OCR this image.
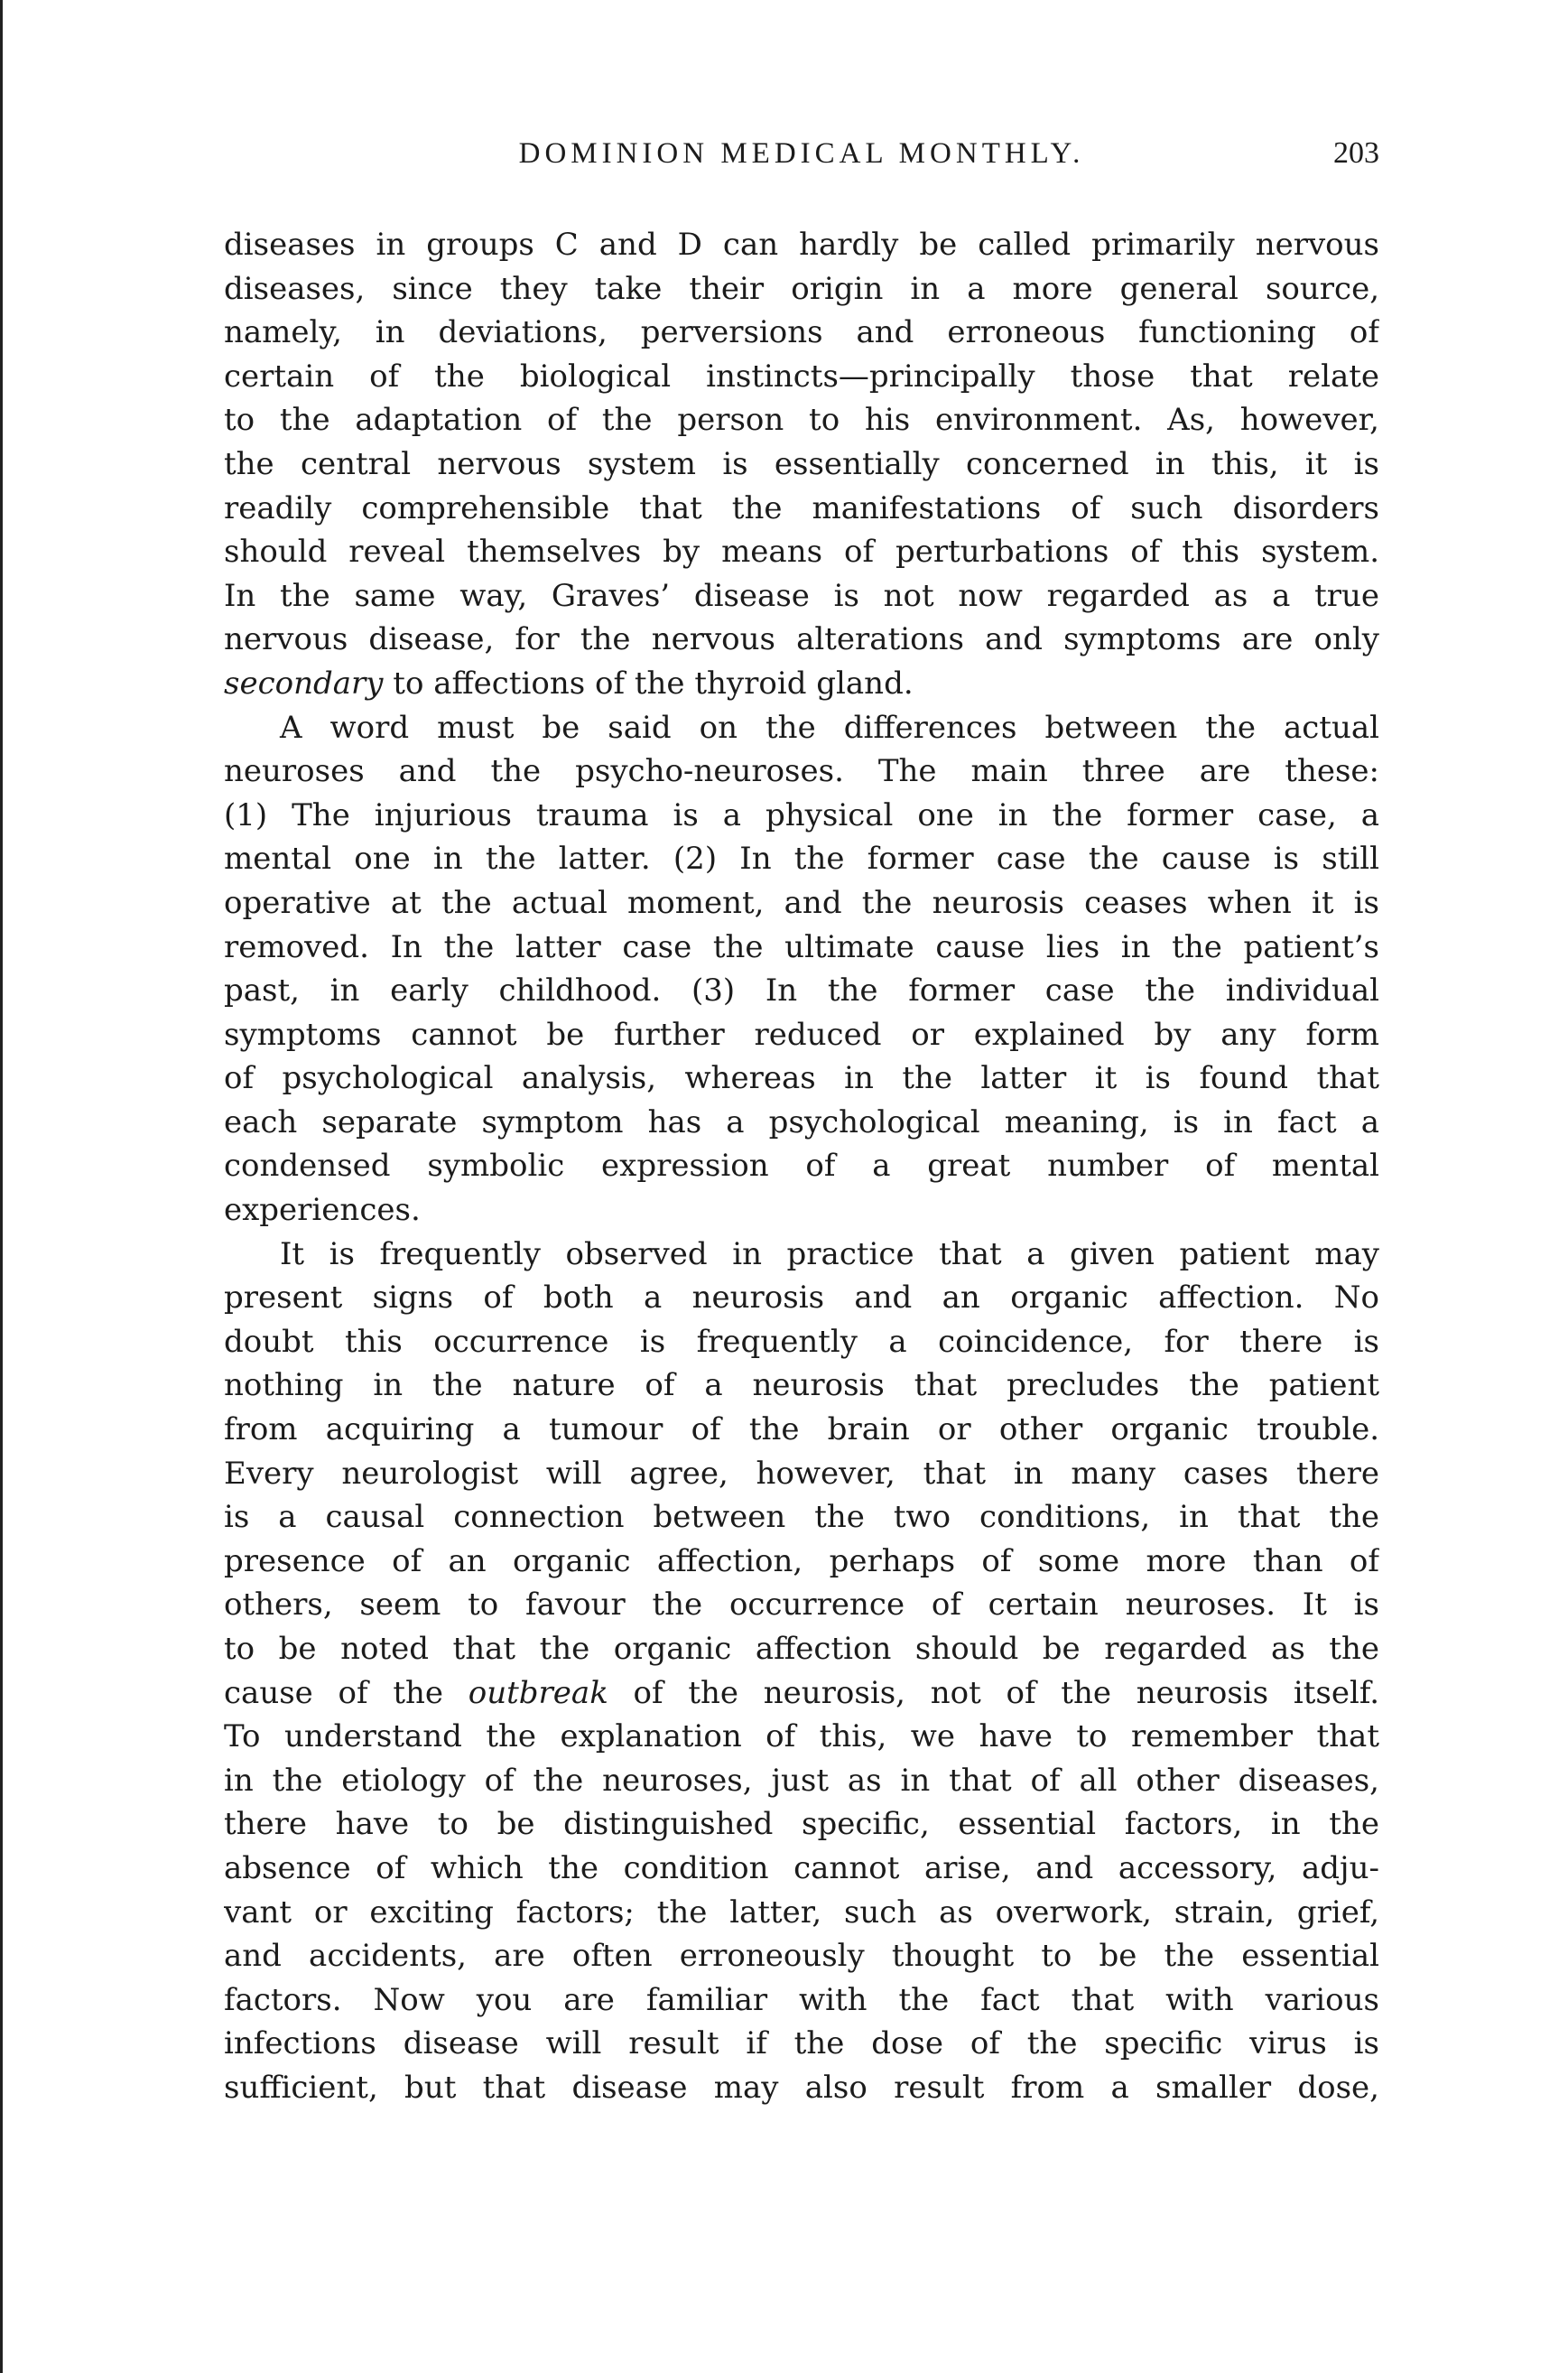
DOMINION MEDICAL MONTHLY.	203

diseases in groups C and D can hardly be called primarily nervous
diseases, since they take their origin in a more general source,
namely, in deviations, perversions and erroneous functioning of
certain of the biological instincts—principally those that relate
to the adaptation of the person to his environment. As, however,
the central nervous system is essentially concerned in this, it is
readily comprehensible that the manifestations of such disorders
should reveal themselves by means of perturbations of this system.
In the same way, Graves’ disease is not now regarded as a true
nervous disease, for the nervous alterations and symptoms are only
secondary to affections of the thyroid gland.

A word must be said on the differences between the actual
neuroses and the psycho-neuroses. The main three are these:
(1) The injurious trauma is a physical one in the former case, a
mental one in the latter. (2) In the former case the cause is still
operative at the actual moment, and the neurosis ceases when it is
removed. In the latter case the ultimate cause lies in the patient’s
past, in early childhood. (3) In the former case the individual
symptoms cannot be further reduced or explained by any form
of psychological analysis, whereas in the latter it is found that
each separate symptom has a psychological meaning, is in fact a
condensed symbolic expression of a great number of mental
experiences.

It is frequently observed in practice that a given patient may
present signs of both a neurosis and an organic affection. No
doubt this occurrence is frequently a coincidence, for there is
nothing in the nature of a neurosis that precludes the patient
from acquiring a tumour of the brain or other organic trouble.
Every neurologist will agree, however, that in many cases there
is a causal connection between the two conditions, in that the
presence of an organic affection, perhaps of some more than of
others, seem to favour the occurrence of certain neuroses. It is
to be noted that the organic affection should be regarded as the
cause of the outbreak of the neurosis, not of the neurosis itself.
To understand the explanation of this, we have to remember that
in the etiology of the neuroses, just as in that of all other diseases,
there have to be distinguished specific, essential factors, in the
absence of which the condition cannot arise, and accessory, adju-
vant or exciting factors; the latter, such as overwork, strain, grief,
and accidents, are often erroneously thought to be the essential
factors. Now you are familiar with the fact that with various
infections disease will result if the dose of the specific virus is
sufficient, but that disease may also result from a smaller dose,
